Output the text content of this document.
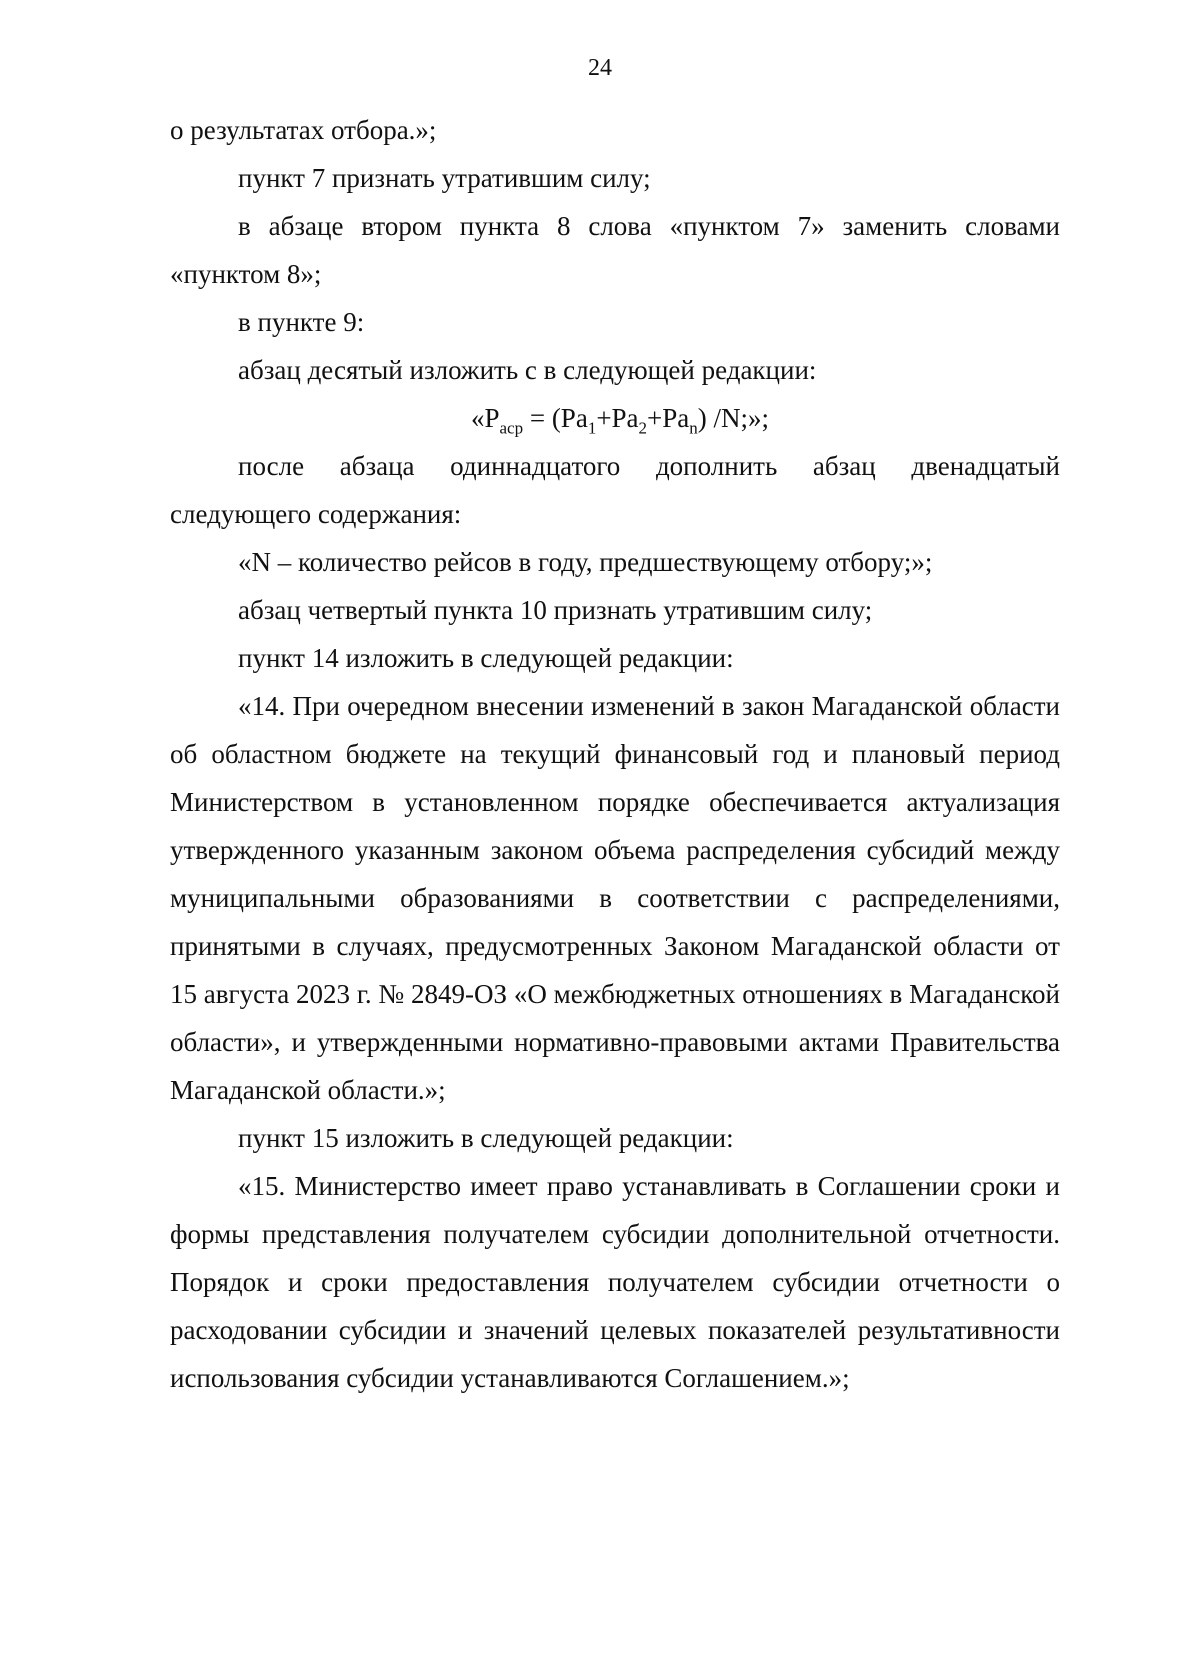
24

о результатах отбора.»;

пункт 7 признать утратившим силу;

в абзаце втором пункта 8 слова «пунктом 7» заменить словами «пунктом 8»;

в пункте 9:

абзац десятый изложить с в следующей редакции:

«$P_{аср} = (Pa_1+Pa_2+Pa_n)$ /N;»;

после абзаца одиннадцатого дополнить абзац двенадцатый следующего содержания:

«N – количество рейсов в году, предшествующему отбору;»;

абзац четвертый пункта 10 признать утратившим силу;

пункт 14 изложить в следующей редакции:

«14. При очередном внесении изменений в закон Магаданской области об областном бюджете на текущий финансовый год и плановый период Министерством в установленном порядке обеспечивается актуализация утвержденного указанным законом объема распределения субсидий между муниципальными образованиями в соответствии с распределениями, принятыми в случаях, предусмотренных Законом Магаданской области от 15 августа 2023 г. № 2849-ОЗ «О межбюджетных отношениях в Магаданской области», и утвержденными нормативно-правовыми актами Правительства Магаданской области.»;

пункт 15 изложить в следующей редакции:

«15. Министерство имеет право устанавливать в Соглашении сроки и формы представления получателем субсидии дополнительной отчетности. Порядок и сроки предоставления получателем субсидии отчетности о расходовании субсидии и значений целевых показателей результативности использования субсидии устанавливаются Соглашением.»;
